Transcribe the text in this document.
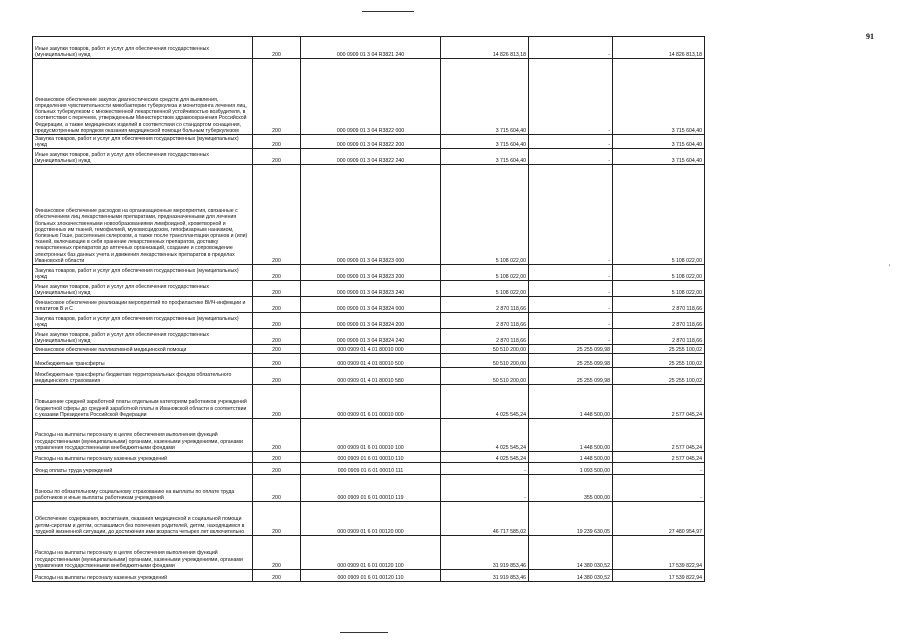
91
'
Иные закупки товаров, работ и услуг для обеспечения государственных (муниципальных) нужд	200	000 0909 01 3 04 R3821 240	14 826 813,18	-	14 826 813,18
Финансовое обеспечение закупок диагностических средств для выявления, определения чувствительности микобактерии туберкулеза и мониторинга лечения лиц, больных туберкулезом с множественной лекарственной устойчивостью возбудителя, в соответствии с перечнем, утвержденным Министерством здравоохранения Российской Федерации, а также медицинских изделий в соответствии со стандартом оснащения, предусмотренным порядком оказания медицинской помощи больным туберкулезом	200	000 0909 01 3 04 R3822 000	3 715 604,40	-	3 715 604,40
Закупка товаров, работ и услуг для обеспечения государственных (муниципальных) нужд	200	000 0909 01 3 04 R3822 200	3 715 604,40	-	3 715 604,40
Иные закупки товаров, работ и услуг для обеспечения государственных (муниципальных) нужд	200	000 0909 01 3 04 R3822 240	3 715 604,40	-	3 715 604,40
Финансовое обеспечение расходов на организационные мероприятия, связанные с обеспечением лиц лекарственными препаратами, предназначенными для лечения больных злокачественными новообразованиями лимфоидной, кроветворной и родственных им тканей, гемофилией, муковисцидозом, гипофизарным нанизмом, болезнью Гоше, рассеянным склерозом, а также после трансплантации органов и (или) тканей, включающие в себя хранение лекарственных препаратов, доставку лекарственных препаратов до аптечных организаций, создание и сопровождение электронных баз данных учета и движения лекарственных препаратов в пределах Ивановской области	200	000 0909 01 3 04 R3823 000	5 108 022,00	-	5 108 022,00
Закупка товаров, работ и услуг для обеспечения государственных (муниципальных) нужд	200	000 0909 01 3 04 R3823 200	5 108 022,00	-	5 108 022,00
Иные закупки товаров, работ и услуг для обеспечения государственных (муниципальных) нужд	200	000 0909 01 3 04 R3823 240	5 108 022,00	-	5 108 022,00
Финансовое обеспечение реализации мероприятий по профилактике ВИЧ-инфекции и гепатитов В и С	200	000 0909 01 3 04 R3824 000	2 870 118,66	-	2 870 118,66
Закупка товаров, работ и услуг для обеспечения государственных (муниципальных) нужд	200	000 0909 01 3 04 R3824 200	2 870 118,66	-	2 870 118,66
Иные закупки товаров, работ и услуг для обеспечения государственных (муниципальных) нужд	200	000 0909 01 3 04 R3824 240	2 870 118,66	-	2 870 118,66
Финансовое обеспечение паллиативной медицинской помощи	200	000 0909 01 4 01 80010 000	50 510 200,00	25 255 099,98	25 255 100,02
Межбюджетные трансферты	200	000 0909 01 4 01 80010 500	50 510 200,00	25 255 099,98	25 255 100,02
Межбюджетные трансферты бюджетам территориальных фондов обязательного медицинского страхования	200	000 0909 01 4 01 80010 580	50 510 200,00	25 255 099,98	25 255 100,02
Повышение средней заработной платы отдельным категориям работников учреждений бюджетной сферы до средней заработной платы в Ивановской области в соответствии с указами Президента Российской Федерации	200	000 0909 01 6 01 00010 000	4 025 545,24	1 448 500,00	2 577 045,24
Расходы на выплаты персоналу в целях обеспечения выполнения функций государственными (муниципальными) органами, казенными учреждениями, органами управления государственными внебюджетными фондами	200	000 0909 01 6 01 00010 100	4 025 545,24	1 448 500,00	2 577 045,24
Расходы на выплаты персоналу казенных учреждений	200	000 0909 01 6 01 00010 110	4 025 545,24	1 448 500,00	2 577 045,24
Фонд оплаты труда учреждений	200	000 0909 01 6 01 00010 111	-	1 093 500,00	-
Взносы по обязательному социальному страхованию на выплаты по оплате труда работников и иные выплаты работникам учреждений	200	000 0909 01 6 01 00010 119	-	355 000,00	-
Обеспечение содержания, воспитания, оказания медицинской и социальной помощи детям-сиротам и детям, оставшимся без попечения родителей, детям, находящимся в трудной жизненной ситуации, до достижения ими возраста четырех лет включительно	200	000 0909 01 6 01 00120 000	46 717 585,02	19 239 630,05	27 480 954,97
Расходы на выплаты персоналу в целях обеспечения выполнения функций государственными (муниципальными) органами, казенными учреждениями, органами управления государственными внебюджетными фондами	200	000 0909 01 6 01 00120 100	31 919 853,46	14 380 030,52	17 539 822,94
Расходы на выплаты персоналу казенных учреждений	200	000 0909 01 6 01 00120 110	31 919 853,46	14 380 030,52	17 539 822,94
